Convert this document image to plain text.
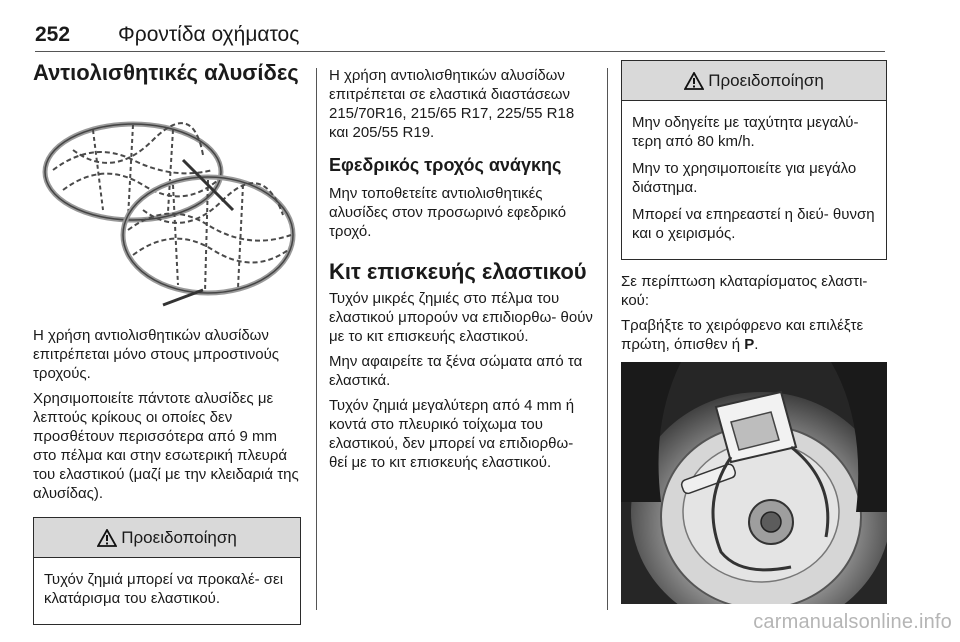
252 Φροντίδα οχήματος
Αντιολισθητικές αλυσίδες

Η χρήση αντιολισθητικών αλυσίδων επιτρέπεται μόνο στους μπροστινούς τροχούς.

Χρησιμοποιείτε πάντοτε αλυσίδες με λεπτούς κρίκους οι οποίες δεν προσθέτουν περισσότερα από 9 mm στο πέλμα και στην εσωτερική πλευρά του ελαστικού (μαζί με την κλειδαριά της αλυσίδας).

Προειδοποίηση

Τυχόν ζημιά μπορεί να προκαλέ- σει κλατάρισμα του ελαστικού.

Η χρήση αντιολισθητικών αλυσίδων επιτρέπεται σε ελαστικά διαστάσεων 215/70R16, 215/65 R17, 225/55 R18 και 205/55 R19.

Εφεδρικός τροχός ανάγκης

Μην τοποθετείτε αντιολισθητικές αλυσίδες στον προσωρινό εφεδρικό τροχό.

Κιτ επισκευής ελαστικού

Τυχόν μικρές ζημιές στο πέλμα του ελαστικού μπορούν να επιδιορθω- θούν με το κιτ επισκευής ελαστικού.

Μην αφαιρείτε τα ξένα σώματα από τα ελαστικά.

Τυχόν ζημιά μεγαλύτερη από 4 mm ή κοντά στο πλευρικό τοίχωμα του ελαστικού, δεν μπορεί να επιδιορθω- θεί με το κιτ επισκευής ελαστικού.

Προειδοποίηση

Μην οδηγείτε με ταχύτητα μεγαλύ- τερη από 80 km/h.

Μην το χρησιμοποιείτε για μεγάλο διάστημα.

Μπορεί να επηρεαστεί η διεύ- θυνση και ο χειρισμός.

Σε περίπτωση κλαταρίσματος ελαστι- κού:

Τραβήξτε το χειρόφρενο και επιλέξτε πρώτη, όπισθεν ή P.

carmanualsonline.info
